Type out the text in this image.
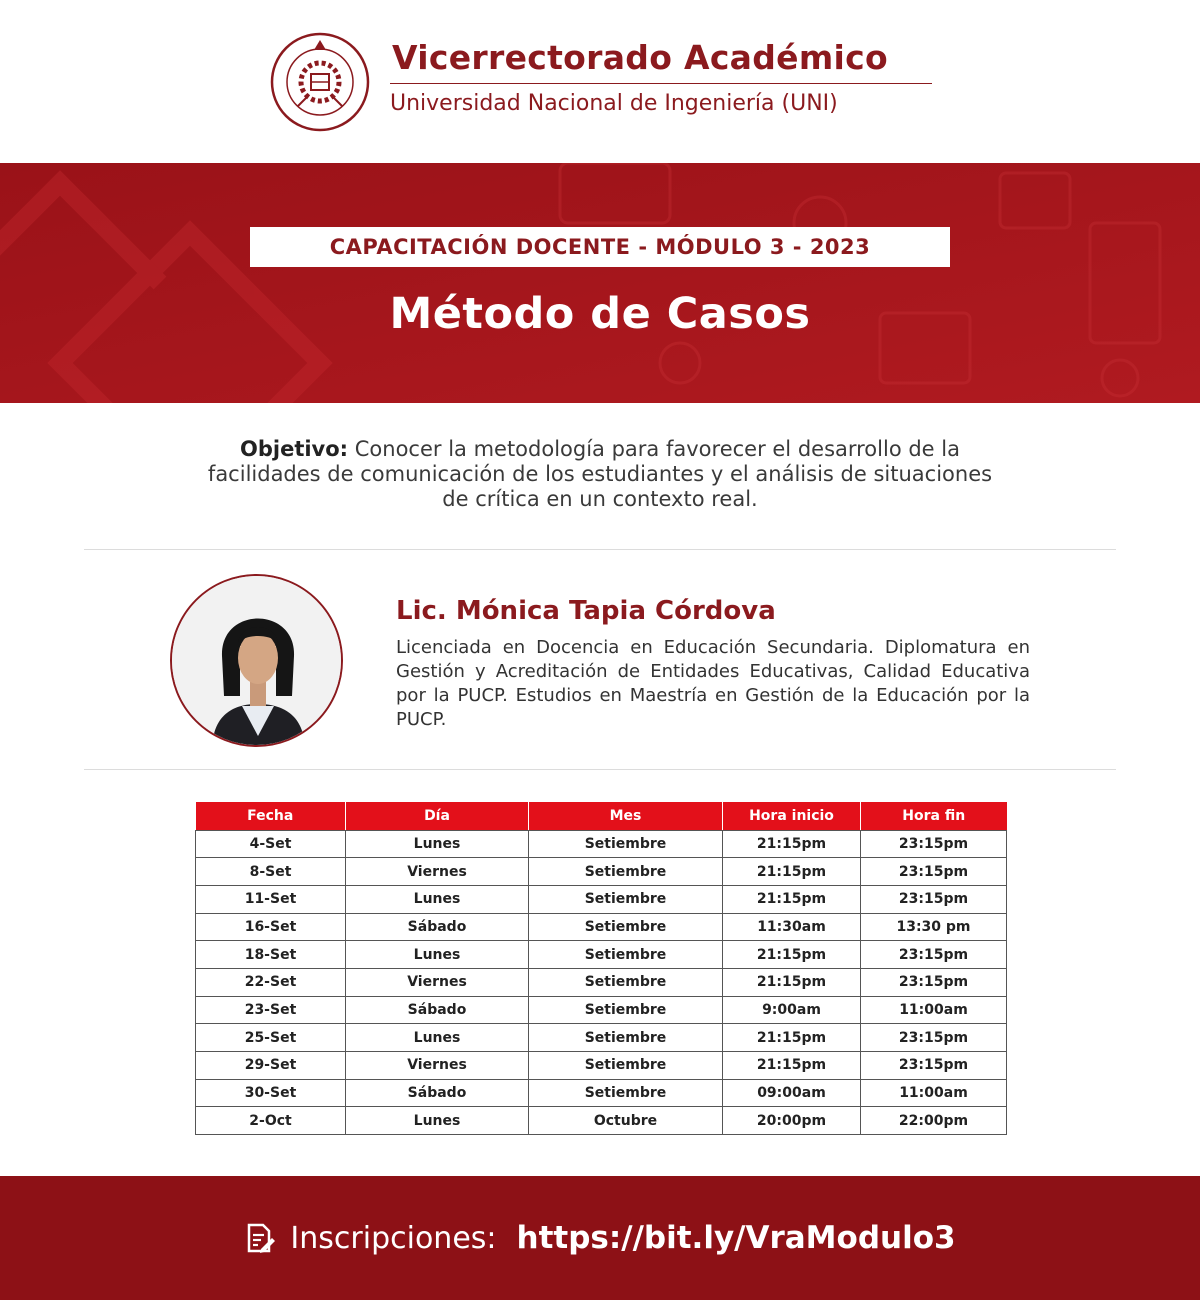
Vicerrectorado Académico
Universidad Nacional de Ingeniería (UNI)
CAPACITACIÓN DOCENTE - MÓDULO 3 - 2023
Método de Casos
Objetivo: Conocer la metodología para favorecer el desarrollo de la facilidades de comunicación de los estudiantes y el análisis de situaciones de crítica en un contexto real.
Lic. Mónica Tapia Córdova
Licenciada en Docencia en Educación Secundaria. Diplomatura en Gestión y Acreditación de Entidades Educativas, Calidad Educativa por la PUCP. Estudios en Maestría en Gestión de la Educación por la PUCP.
Fecha	Día	Mes	Hora inicio	Hora fin
4-Set	Lunes	Setiembre	21:15pm	23:15pm
8-Set	Viernes	Setiembre	21:15pm	23:15pm
11-Set	Lunes	Setiembre	21:15pm	23:15pm
16-Set	Sábado	Setiembre	11:30am	13:30 pm
18-Set	Lunes	Setiembre	21:15pm	23:15pm
22-Set	Viernes	Setiembre	21:15pm	23:15pm
23-Set	Sábado	Setiembre	9:00am	11:00am
25-Set	Lunes	Setiembre	21:15pm	23:15pm
29-Set	Viernes	Setiembre	21:15pm	23:15pm
30-Set	Sábado	Setiembre	09:00am	11:00am
2-Oct	Lunes	Octubre	20:00pm	22:00pm
Inscripciones: https://bit.ly/VraModulo3
